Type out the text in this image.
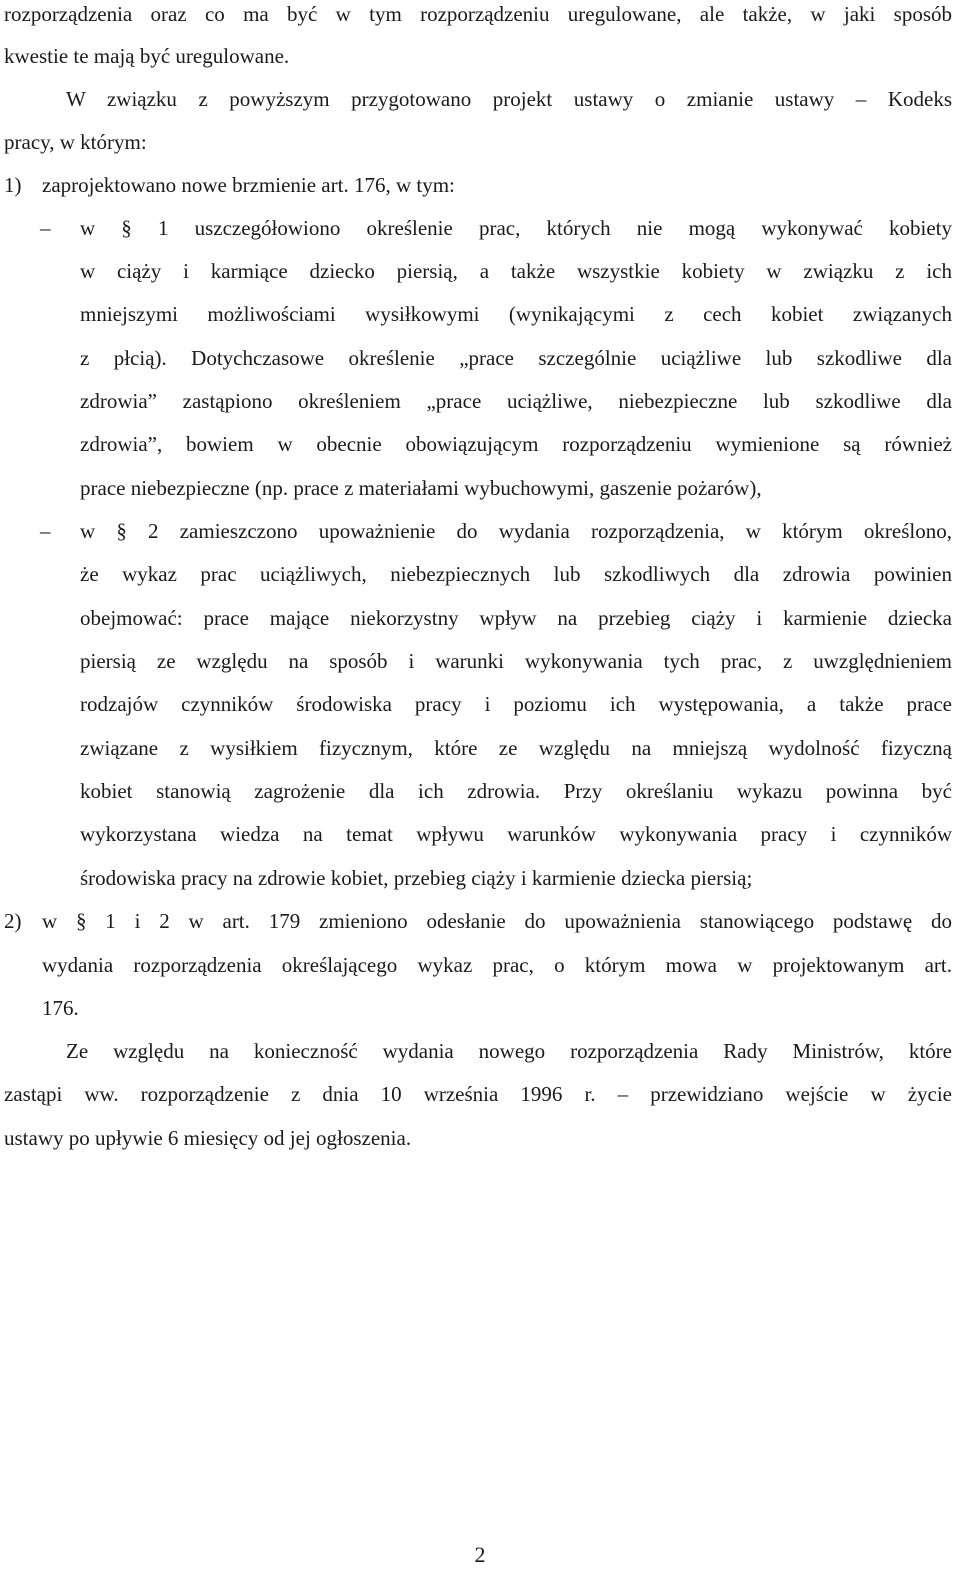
rozporządzenia oraz co ma być w tym rozporządzeniu uregulowane, ale także, w jaki sposób
kwestie te mają być uregulowane.
W związku z powyższym przygotowano projekt ustawy o zmianie ustawy – Kodeks
pracy, w którym:
1) zaprojektowano nowe brzmienie art. 176, w tym:
– w § 1 uszczegółowiono określenie prac, których nie mogą wykonywać kobiety
w ciąży i karmiące dziecko piersią, a także wszystkie kobiety w związku z ich
mniejszymi możliwościami wysiłkowymi (wynikającymi z cech kobiet związanych
z płcią). Dotychczasowe określenie „prace szczególnie uciążliwe lub szkodliwe dla
zdrowia” zastąpiono określeniem „prace uciążliwe, niebezpieczne lub szkodliwe dla
zdrowia”, bowiem w obecnie obowiązującym rozporządzeniu wymienione są również
prace niebezpieczne (np. prace z materiałami wybuchowymi, gaszenie pożarów),
– w § 2 zamieszczono upoważnienie do wydania rozporządzenia, w którym określono,
że wykaz prac uciążliwych, niebezpiecznych lub szkodliwych dla zdrowia powinien
obejmować: prace mające niekorzystny wpływ na przebieg ciąży i karmienie dziecka
piersią ze względu na sposób i warunki wykonywania tych prac, z uwzględnieniem
rodzajów czynników środowiska pracy i poziomu ich występowania, a także prace
związane z wysiłkiem fizycznym, które ze względu na mniejszą wydolność fizyczną
kobiet stanowią zagrożenie dla ich zdrowia. Przy określaniu wykazu powinna być
wykorzystana wiedza na temat wpływu warunków wykonywania pracy i czynników
środowiska pracy na zdrowie kobiet, przebieg ciąży i karmienie dziecka piersią;
2) w § 1 i 2 w art. 179 zmieniono odesłanie do upoważnienia stanowiącego podstawę do
wydania rozporządzenia określającego wykaz prac, o którym mowa w projektowanym art.
176.
Ze względu na konieczność wydania nowego rozporządzenia Rady Ministrów, które
zastąpi ww. rozporządzenie z dnia 10 września 1996 r. – przewidziano wejście w życie
ustawy po upływie 6 miesięcy od jej ogłoszenia.
2
